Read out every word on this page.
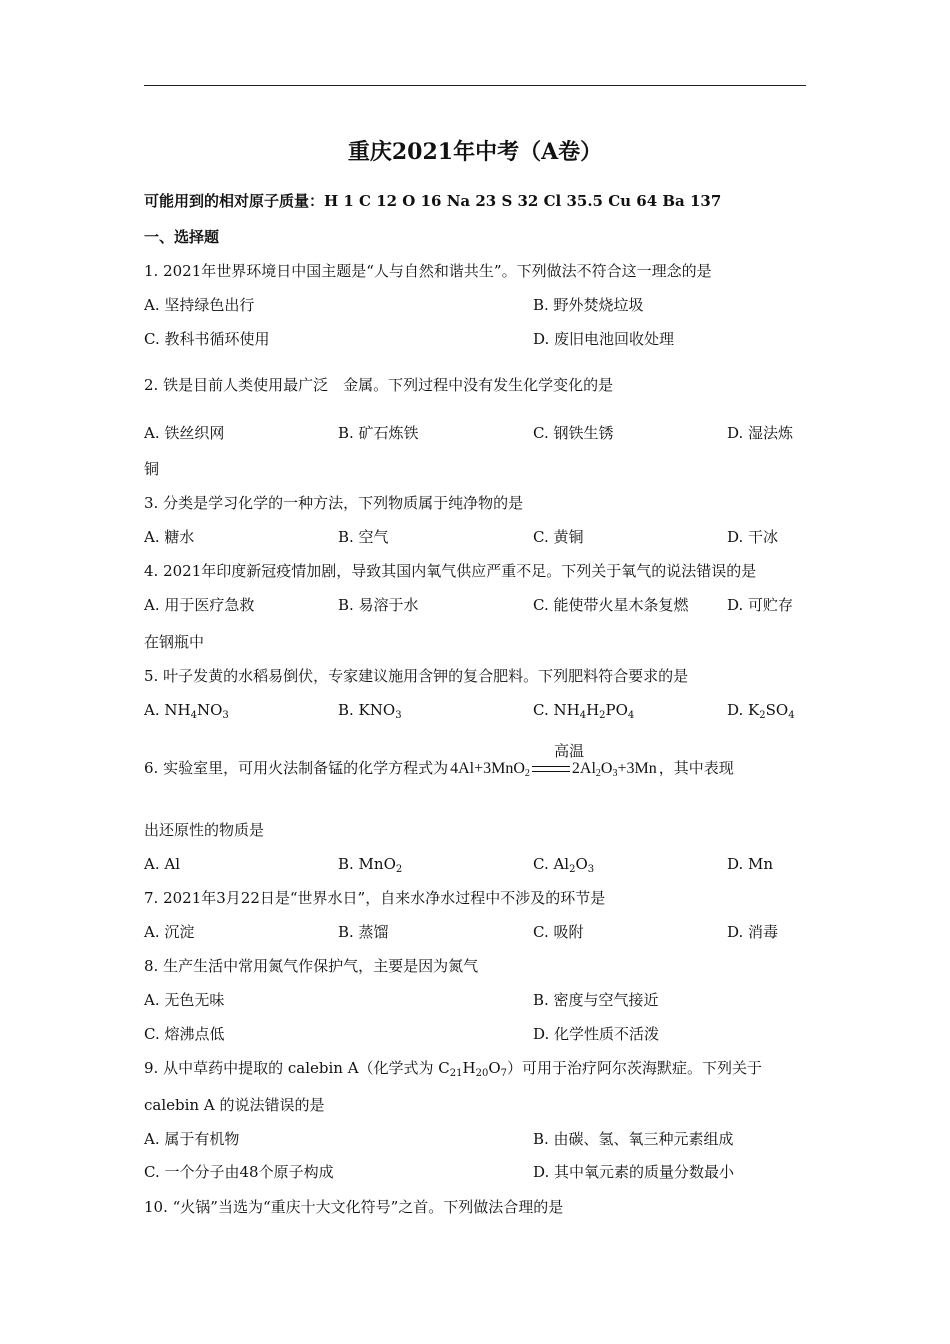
重庆2021年中考（A卷）
可能用到的相对原子质量：H 1 C 12 O 16 Na 23 S 32 Cl 35.5 Cu 64 Ba 137
一、选择题
1. 2021年世界环境日中国主题是“人与自然和谐共生”。下列做法不符合这一理念的是
A. 坚持绿色出行	B. 野外焚烧垃圾
C. 教科书循环使用	D. 废旧电池回收处理
2. 铁是目前人类使用最广泛　金属。下列过程中没有发生化学变化的是
A. 铁丝织网	B. 矿石炼铁	C. 钢铁生锈	D. 湿法炼
铜
3. 分类是学习化学的一种方法，下列物质属于纯净物的是
A. 糖水	B. 空气	C. 黄铜	D. 干冰
4. 2021年印度新冠疫情加剧，导致其国内氧气供应严重不足。下列关于氧气的说法错误的是
A. 用于医疗急救	B. 易溶于水	C. 能使带火星木条复燃	D. 可贮存
在钢瓶中
5. 叶子发黄的水稻易倒伏，专家建议施用含钾的复合肥料。下列肥料符合要求的是
A. $NH_4NO_3$	B. $KNO_3$	C. $NH_4H_2PO_4$	D. $K_2SO_4$
6. 实验室里，可用火法制备锰的化学方程式为
高温
4Al+3MnO$_2$	$2Al_2O_3+3Mn$ ，其中表现
出还原性的物质是
A. Al	B. MnO$_2$	C. $Al_2O_3$	D. Mn
7. 2021年3月22日是“世界水日”，自来水净水过程中不涉及的环节是
A. 沉淀	B. 蒸馏	C. 吸附	D. 消毒
8. 生产生活中常用氮气作保护气，主要是因为氮气
A. 无色无味	B. 密度与空气接近
C. 熔沸点低	D. 化学性质不活泼
9. 从中草药中提取的 calebin A（化学式为 $C_{21}H_{20}O_7$）可用于治疗阿尔茨海默症。下列关于
calebin A 的说法错误的是
A. 属于有机物	B. 由碳、氢、氧三种元素组成
C. 一个分子由48个原子构成	D. 其中氧元素的质量分数最小
10. “火锅”当选为“重庆十大文化符号”之首。下列做法合理的是
